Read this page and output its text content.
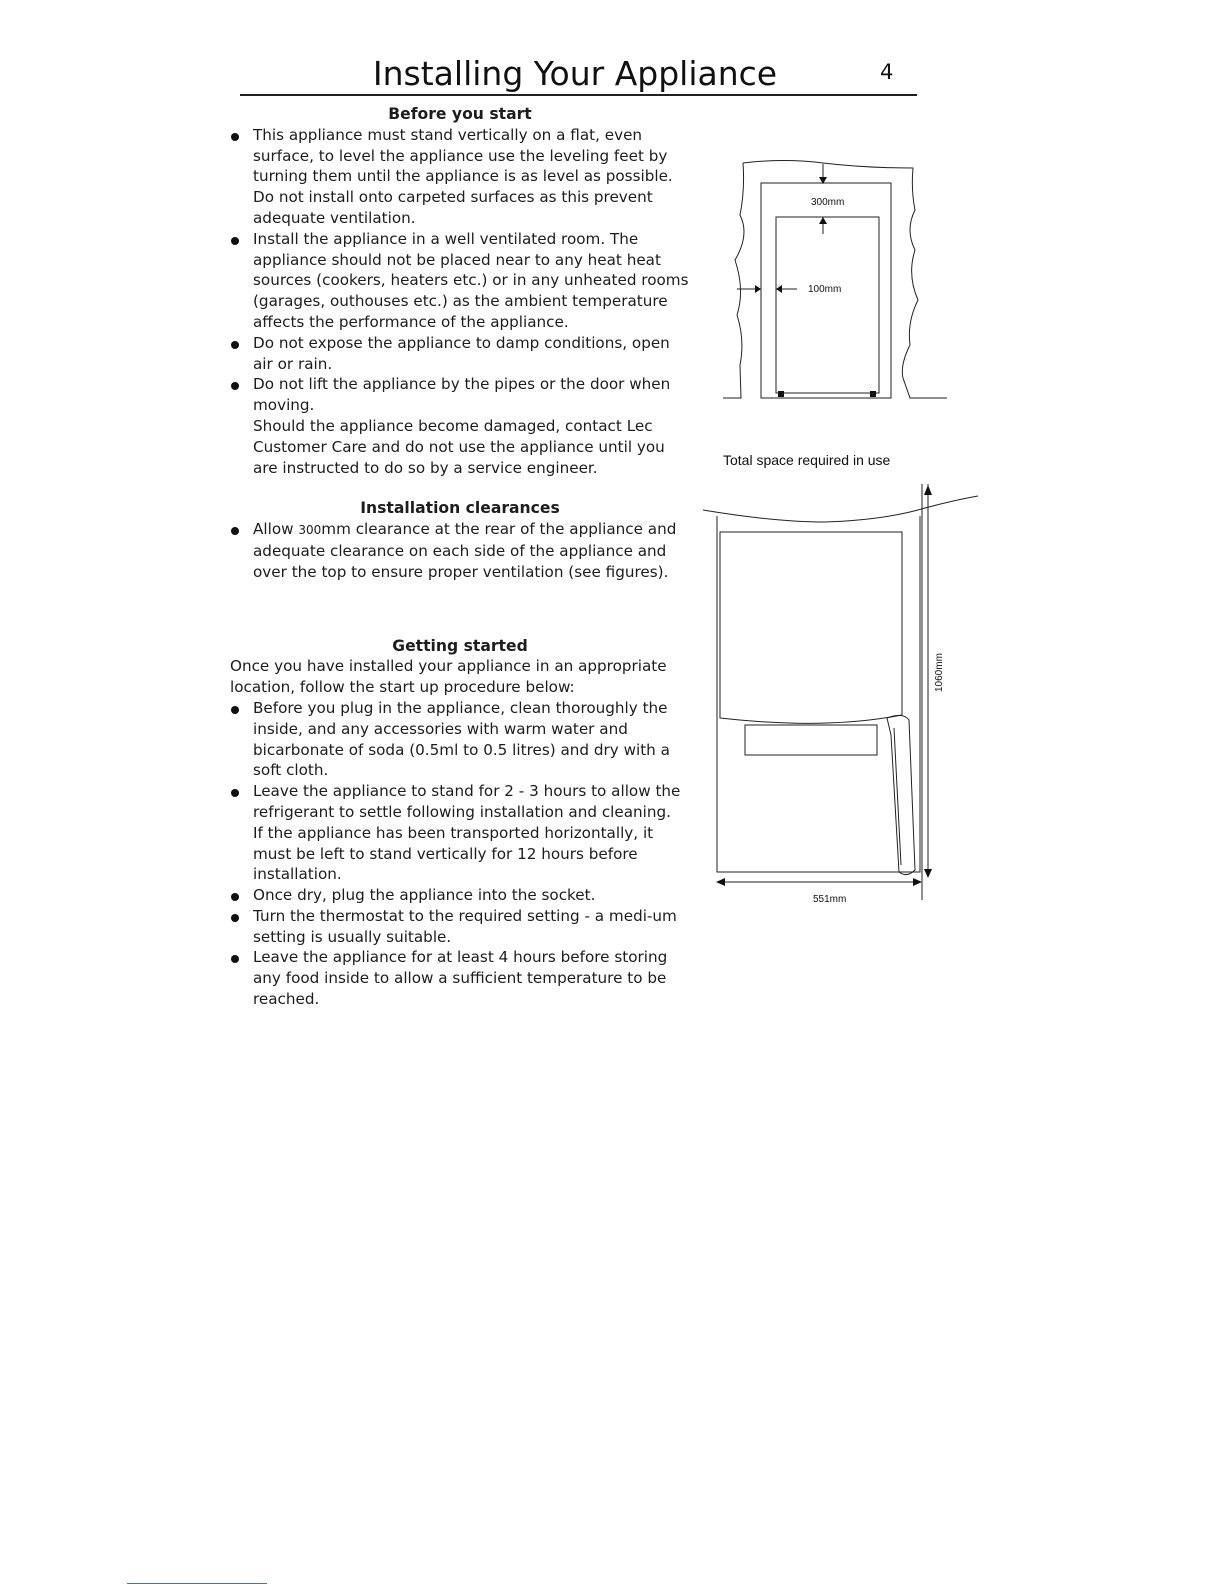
Installing Your Appliance	4
Before you start
This appliance must stand vertically on a flat, even surface, to level the appliance use the leveling feet by turning them until the appliance is as level as possible. Do not install onto carpeted surfaces as this prevent adequate ventilation.
Install the appliance in a well ventilated room. The appliance should not be placed near to any heat heat sources (cookers, heaters etc.) or in any unheated rooms (garages, outhouses etc.) as the ambient temperature affects the performance of the appliance.
Do not expose the appliance to damp conditions, open air or rain.
Do not lift the appliance by the pipes or the door when moving.
Should the appliance become damaged, contact Lec Customer Care and do not use the appliance until you are instructed to do so by a service engineer.
Installation clearances
Allow 300mm clearance at the rear of the appliance and adequate clearance on each side of the appliance and over the top to ensure proper ventilation (see figures).
Getting started

Once you have installed your appliance in an appropriate location, follow the start up procedure below:

Before you plug in the appliance, clean thoroughly the inside, and any accessories with warm water and bicarbonate of soda (0.5ml to 0.5 litres) and dry with a soft cloth.
Leave the appliance to stand for 2 - 3 hours to allow the refrigerant to settle following installation and cleaning.
If the appliance has been transported horizontally, it must be left to stand vertically for 12 hours before installation.
Once dry, plug the appliance into the socket.
Turn the thermostat to the required setting - a medi-um setting is usually suitable.
Leave the appliance for at least 4 hours before storing any food inside to allow a sufficient temperature to be reached.
300mm
100mm
Total space required in use
1060mm
551mm
